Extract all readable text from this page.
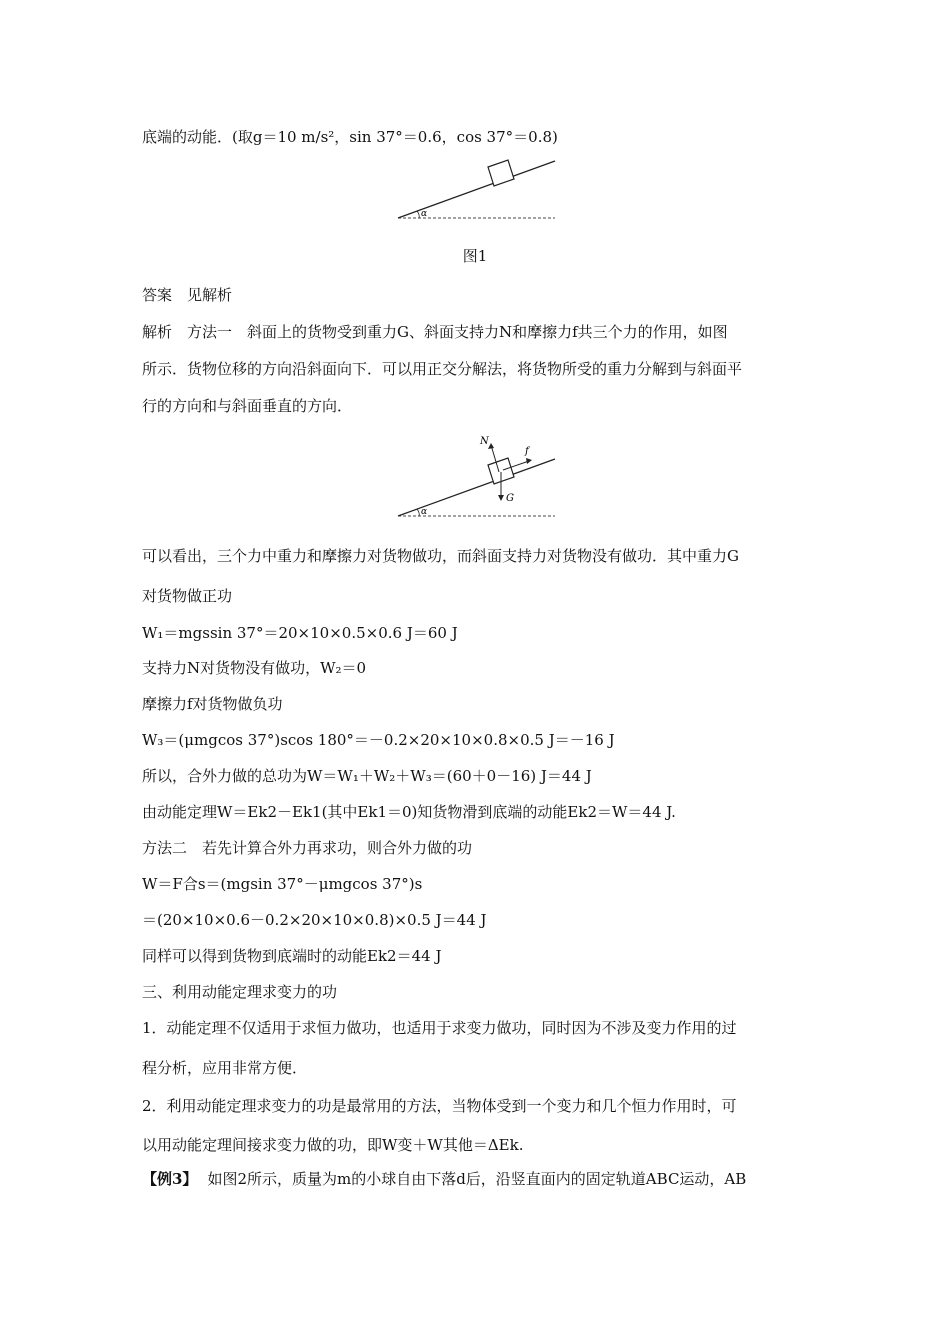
底端的动能．(取g＝10 m/s²，sin 37°＝0.6，cos 37°＝0.8)
α
图1
答案　见解析
解析　方法一　斜面上的货物受到重力G、斜面支持力N和摩擦力f共三个力的作用，如图
所示．货物位移的方向沿斜面向下．可以用正交分解法，将货物所受的重力分解到与斜面平
行的方向和与斜面垂直的方向．
α
N
f
G
可以看出，三个力中重力和摩擦力对货物做功，而斜面支持力对货物没有做功．其中重力G
对货物做正功
W₁＝mgssin 37°＝20×10×0.5×0.6 J＝60 J
支持力N对货物没有做功，W₂＝0
摩擦力f对货物做负功
W₃＝(μmgcos 37°)scos 180°＝－0.2×20×10×0.8×0.5 J＝－16 J
所以，合外力做的总功为W＝W₁＋W₂＋W₃＝(60＋0－16) J＝44 J
由动能定理W＝Ek2－Ek1(其中Ek1＝0)知货物滑到底端的动能Ek2＝W＝44 J.
方法二　若先计算合外力再求功，则合外力做的功
W＝F合s＝(mgsin 37°－μmgcos 37°)s
＝(20×10×0.6－0.2×20×10×0.8)×0.5 J＝44 J
同样可以得到货物到底端时的动能Ek2＝44 J
三、利用动能定理求变力的功
1．动能定理不仅适用于求恒力做功，也适用于求变力做功，同时因为不涉及变力作用的过
程分析，应用非常方便．
2．利用动能定理求变力的功是最常用的方法，当物体受到一个变力和几个恒力作用时，可
以用动能定理间接求变力做的功，即W变＋W其他＝ΔEk.
【例3】 如图2所示，质量为m的小球自由下落d后，沿竖直面内的固定轨道ABC运动，AB
